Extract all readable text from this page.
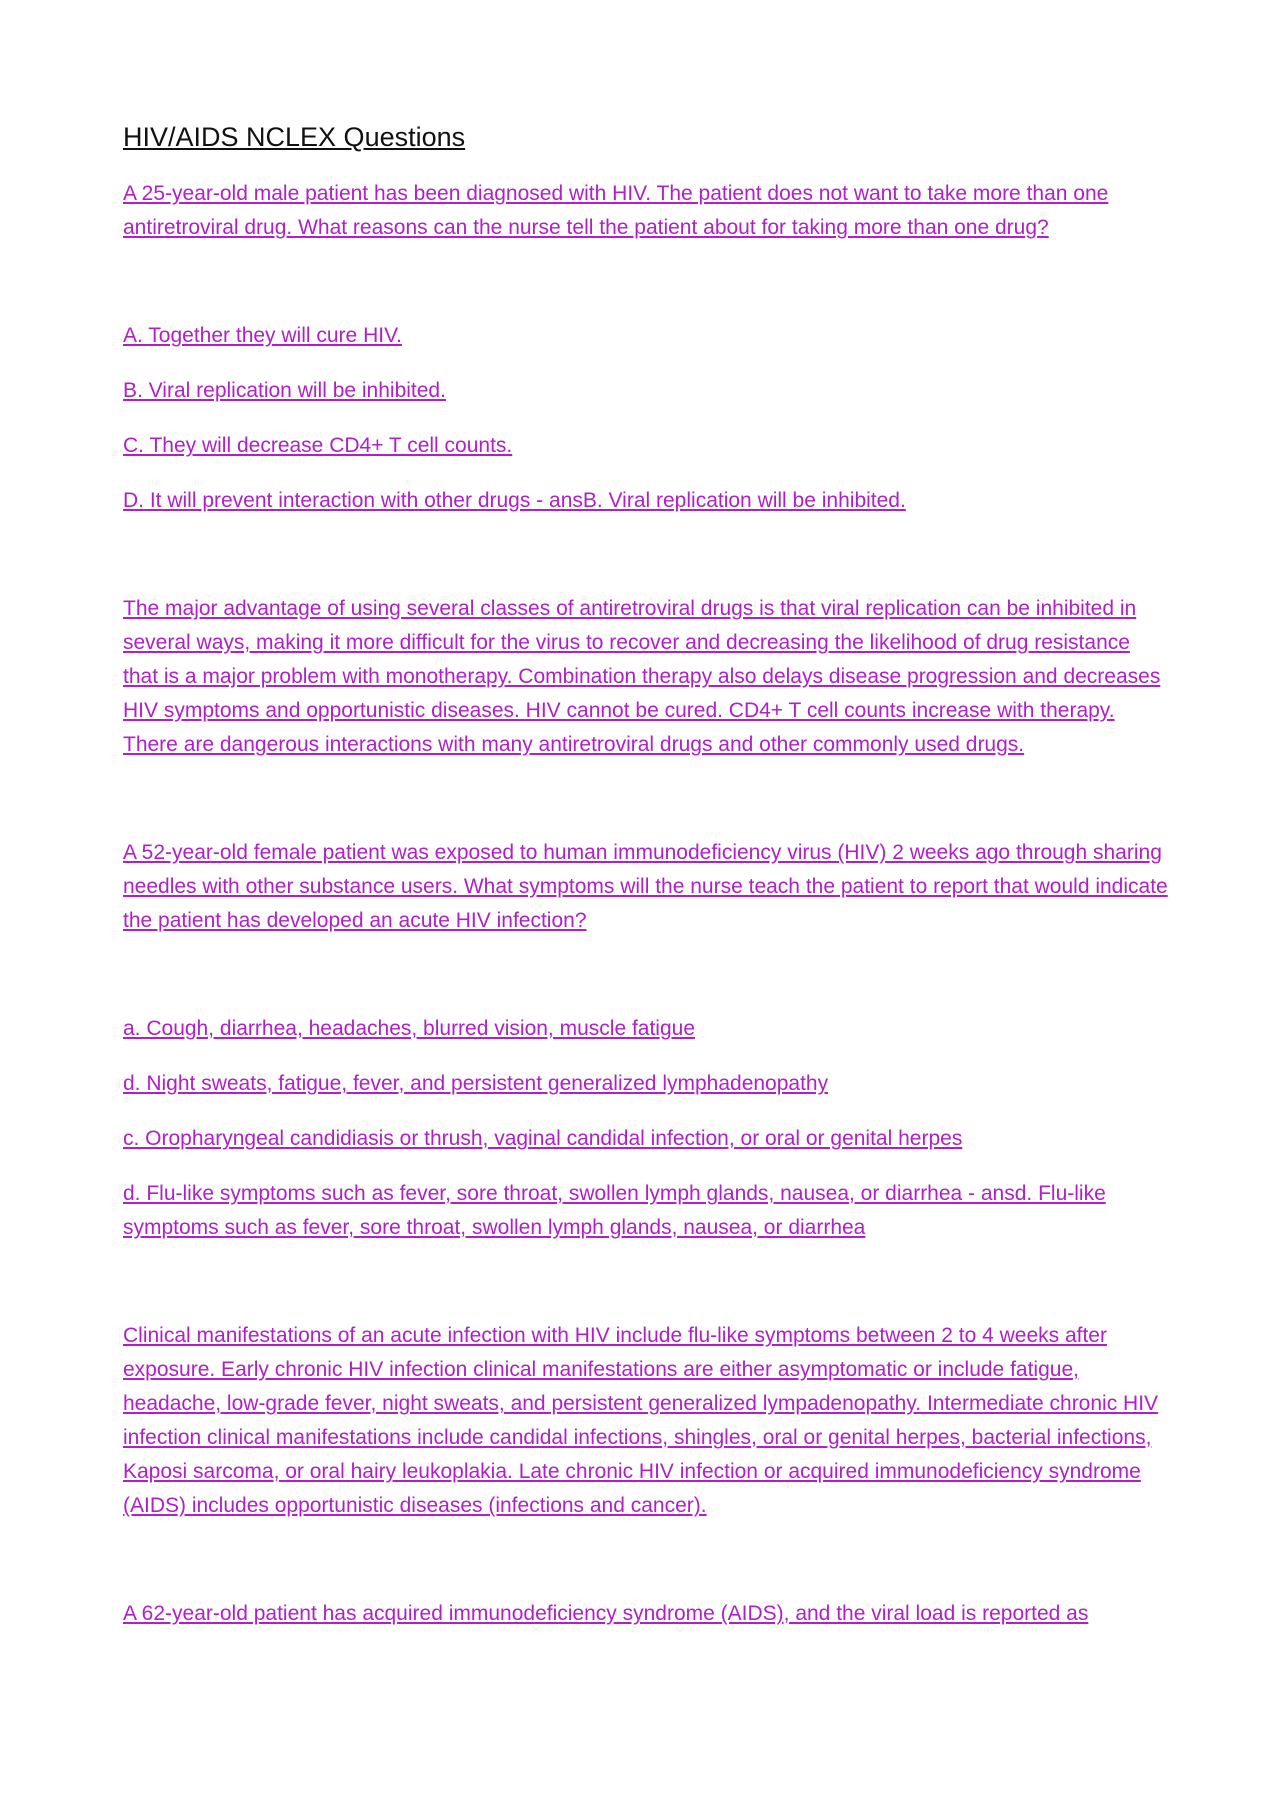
HIV/AIDS NCLEX Questions
A 25-year-old male patient has been diagnosed with HIV. The patient does not want to take more than one antiretroviral drug. What reasons can the nurse tell the patient about for taking more than one drug?
A. Together they will cure HIV.
B. Viral replication will be inhibited.
C. They will decrease CD4+ T cell counts.
D. It will prevent interaction with other drugs - ansB. Viral replication will be inhibited.
The major advantage of using several classes of antiretroviral drugs is that viral replication can be inhibited in several ways, making it more difficult for the virus to recover and decreasing the likelihood of drug resistance that is a major problem with monotherapy. Combination therapy also delays disease progression and decreases HIV symptoms and opportunistic diseases. HIV cannot be cured. CD4+ T cell counts increase with therapy. There are dangerous interactions with many antiretroviral drugs and other commonly used drugs.
A 52-year-old female patient was exposed to human immunodeficiency virus (HIV) 2 weeks ago through sharing needles with other substance users. What symptoms will the nurse teach the patient to report that would indicate the patient has developed an acute HIV infection?
a. Cough, diarrhea, headaches, blurred vision, muscle fatigue
d. Night sweats, fatigue, fever, and persistent generalized lymphadenopathy
c. Oropharyngeal candidiasis or thrush, vaginal candidal infection, or oral or genital herpes
d. Flu-like symptoms such as fever, sore throat, swollen lymph glands, nausea, or diarrhea - ansd. Flu-like symptoms such as fever, sore throat, swollen lymph glands, nausea, or diarrhea
Clinical manifestations of an acute infection with HIV include flu-like symptoms between 2 to 4 weeks after exposure. Early chronic HIV infection clinical manifestations are either asymptomatic or include fatigue, headache, low-grade fever, night sweats, and persistent generalized lympadenopathy. Intermediate chronic HIV infection clinical manifestations include candidal infections, shingles, oral or genital herpes, bacterial infections, Kaposi sarcoma, or oral hairy leukoplakia. Late chronic HIV infection or acquired immunodeficiency syndrome (AIDS) includes opportunistic diseases (infections and cancer).
A 62-year-old patient has acquired immunodeficiency syndrome (AIDS), and the viral load is reported as
